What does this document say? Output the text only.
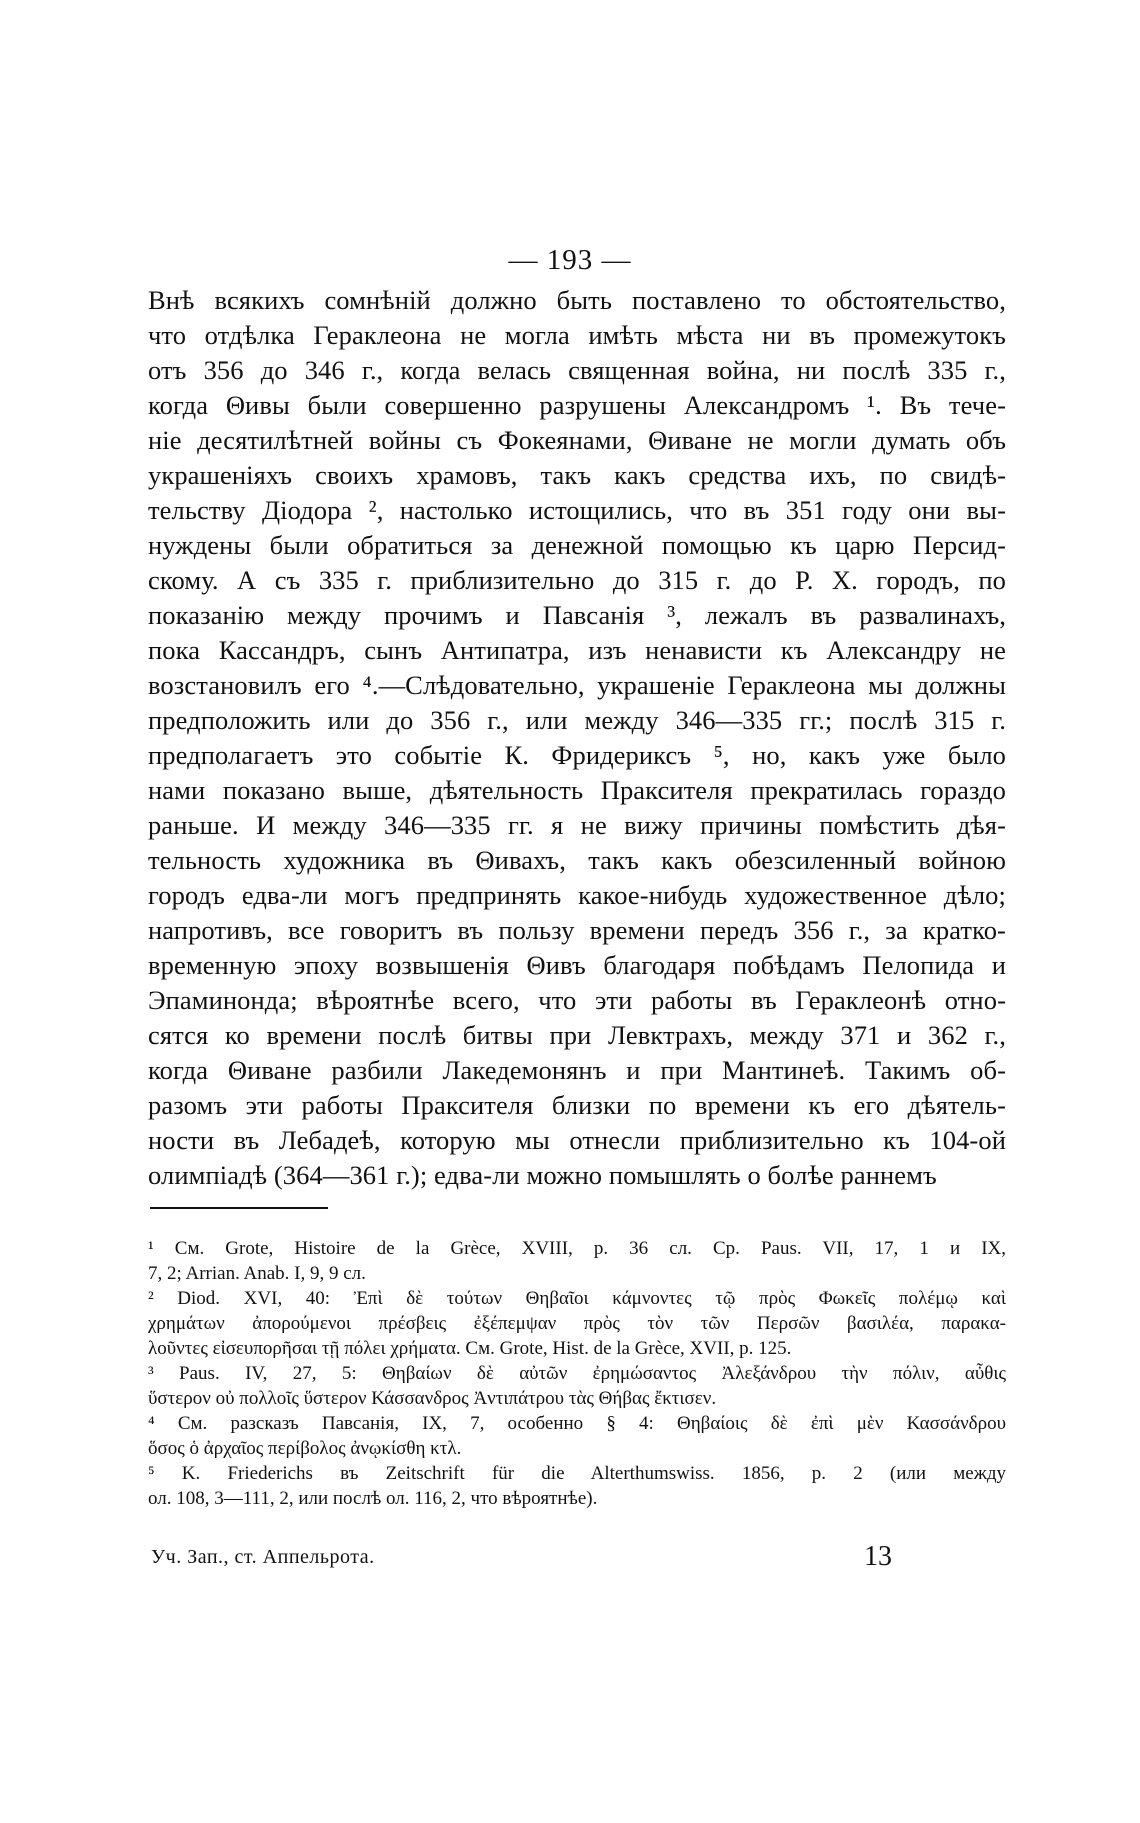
— 193 —
Внѣ всякихъ сомнѣній должно быть поставлено то обстоятельство,
что отдѣлка Гераклеона не могла имѣть мѣста ни въ промежутокъ
отъ 356 до 346 г., когда велась священная война, ни послѣ 335 г.,
когда Θивы были совершенно разрушены Александромъ ¹. Въ тече-
ніе десятилѣтней войны съ Фокеянами, Θиване не могли думать объ
украшеніяхъ своихъ храмовъ, такъ какъ средства ихъ, по свидѣ-
тельству Діодора ², настолько истощились, что въ 351 году они вы-
нуждены были обратиться за денежной помощью къ царю Персид-
скому. А съ 335 г. приблизительно до 315 г. до Р. Х. городъ, по
показанію между прочимъ и Павсанія ³, лежалъ въ развалинахъ,
пока Кассандръ, сынъ Антипатра, изъ ненависти къ Александру не
возстановилъ его ⁴.—Слѣдовательно, украшеніе Гераклеона мы должны
предположить или до 356 г., или между 346—335 гг.; послѣ 315 г.
предполагаетъ это событіе К. Фридериксъ ⁵, но, какъ уже было
нами показано выше, дѣятельность Праксителя прекратилась гораздо
раньше. И между 346—335 гг. я не вижу причины помѣстить дѣя-
тельность художника въ Θивахъ, такъ какъ обезсиленный войною
городъ едва-ли могъ предпринять какое-нибудь художественное дѣло;
напротивъ, все говоритъ въ пользу времени передъ 356 г., за кратко-
временную эпоху возвышенія Θивъ благодаря побѣдамъ Пелопида и
Эпаминонда; вѣроятнѣе всего, что эти работы въ Гераклеонѣ отно-
сятся ко времени послѣ битвы при Левктрахъ, между 371 и 362 г.,
когда Θиване разбили Лакедемонянъ и при Мантинеѣ. Такимъ об-
разомъ эти работы Праксителя близки по времени къ его дѣятель-
ности въ Лебадеѣ, которую мы отнесли приблизительно къ 104-ой
олимпіадѣ (364—361 г.); едва-ли можно помышлять о болѣе раннемъ
¹ См. Grote, Histoire de la Grèce, XVIII, p. 36 сл. Ср. Paus. VII, 17, 1 и IX,
7, 2; Arrian. Anab. I, 9, 9 сл.
² Diod. XVI, 40: Ἐπὶ δὲ τούτων Θηβαῖοι κάμνοντες τῷ πρὸς Φωκεῖς πολέμῳ καὶ
χρημάτων ἀπορούμενοι πρέσβεις ἐξέπεμψαν πρὸς τὸν τῶν Περσῶν βασιλέα, παρακα-
λοῦντες εἰσευπορῆσαι τῇ πόλει χρήματα. См. Grote, Hist. de la Grèce, XVII, p. 125.
³ Paus. IV, 27, 5: Θηβαίων δὲ αὐτῶν ἐρημώσαντος Ἀλεξάνδρου τὴν πόλιν, αὖθις
ὕστερον οὐ πολλοῖς ὕστερον Κάσσανδρος Ἀντιπάτρου τὰς Θήβας ἔκτισεν.
⁴ См. разсказъ Павсанія, IX, 7, особенно § 4: Θηβαίοις δὲ ἐπὶ μὲν Κασσάνδρου
ὅσος ὁ ἀρχαῖος περίβολος ἀνῳκίσθη κτλ.
⁵ K. Friederichs въ Zeitschrift für die Alterthumswiss. 1856, p. 2 (или между
ол. 108, 3—111, 2, или послѣ ол. 116, 2, что вѣроятнѣе).
Уч. Зап., ст. Аппельрота.	13
